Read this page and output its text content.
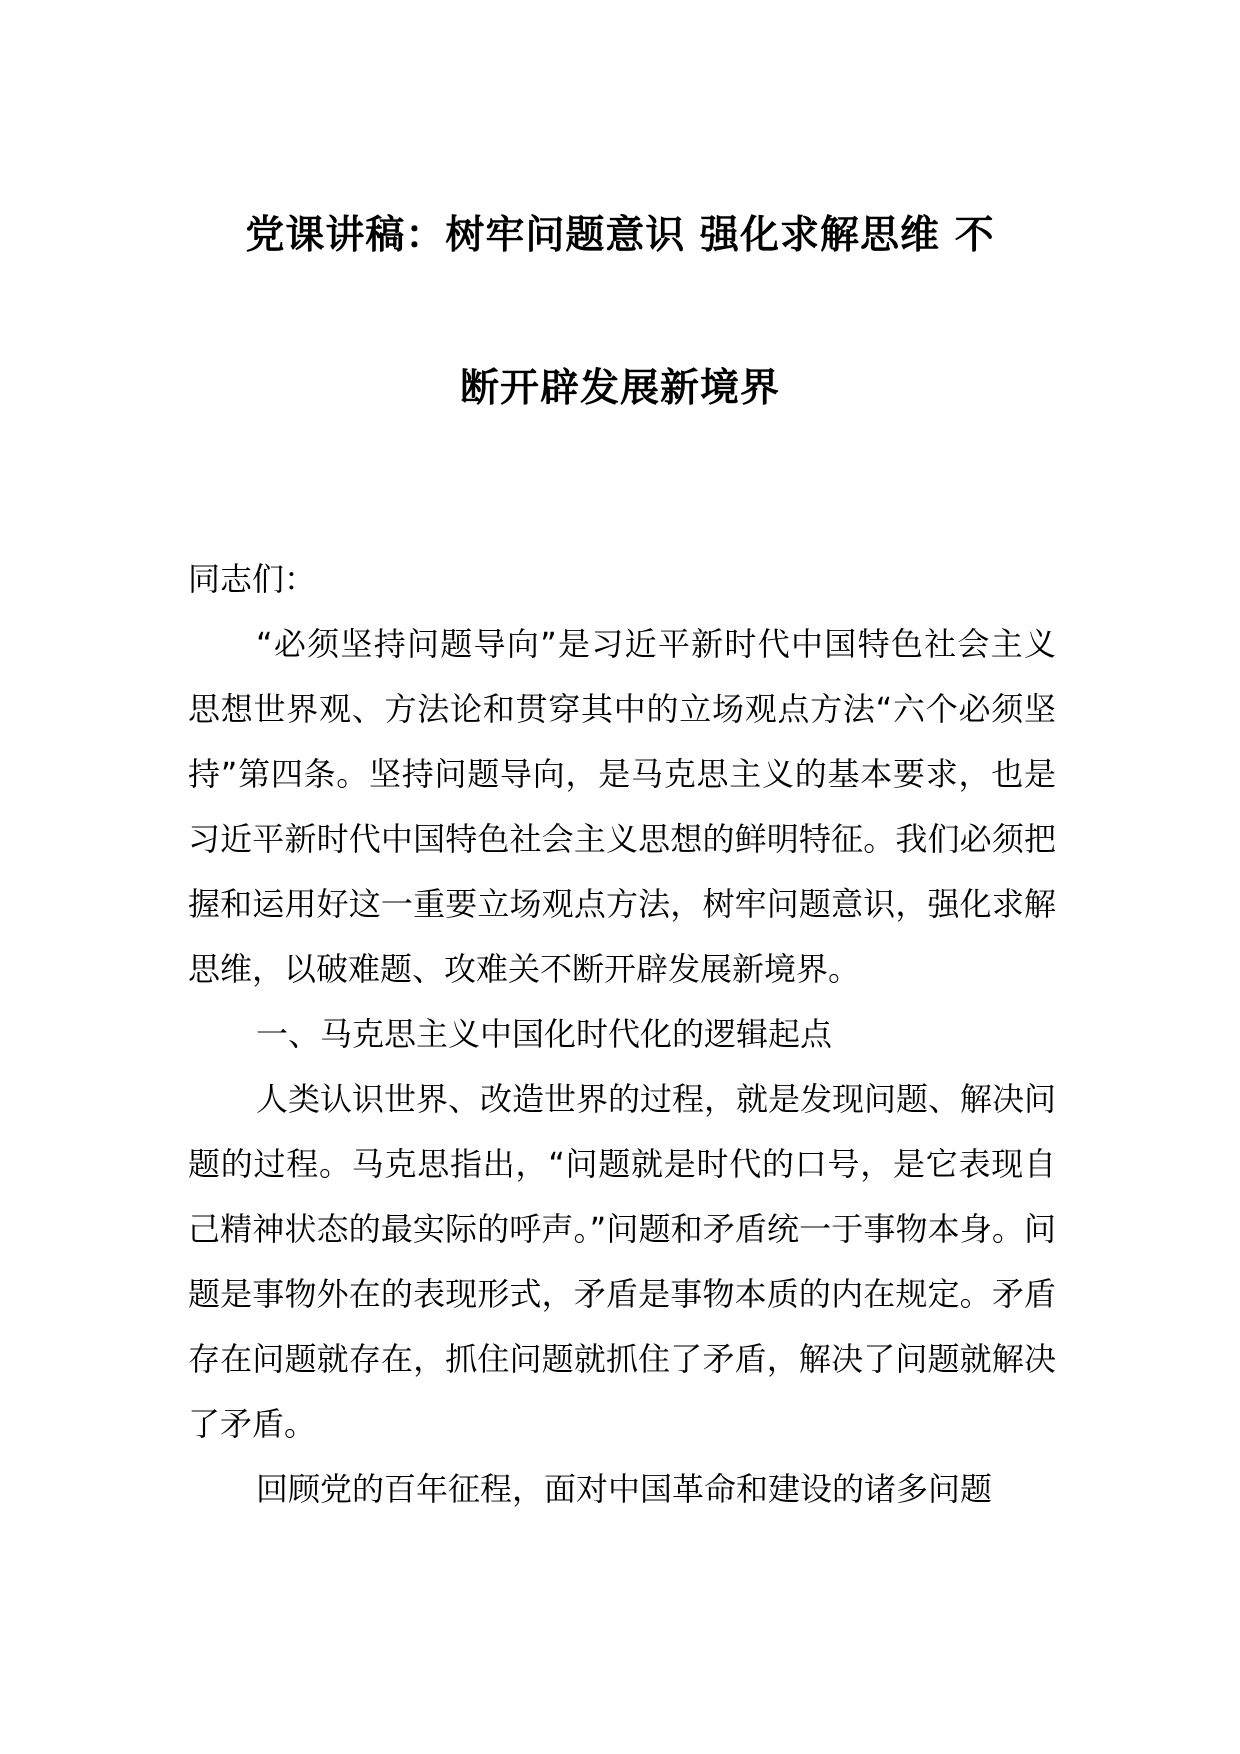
党课讲稿：树牢问题意识 强化求解思维 不
断开辟发展新境界

同志们：

“必须坚持问题导向”是习近平新时代中国特色社会主义思想世界观、方法论和贯穿其中的立场观点方法“六个必须坚持”第四条。坚持问题导向，是马克思主义的基本要求，也是习近平新时代中国特色社会主义思想的鲜明特征。我们必须把握和运用好这一重要立场观点方法，树牢问题意识，强化求解思维，以破难题、攻难关不断开辟发展新境界。

一、马克思主义中国化时代化的逻辑起点

人类认识世界、改造世界的过程，就是发现问题、解决问题的过程。马克思指出，“问题就是时代的口号，是它表现自己精神状态的最实际的呼声。”问题和矛盾统一于事物本身。问题是事物外在的表现形式，矛盾是事物本质的内在规定。矛盾存在问题就存在，抓住问题就抓住了矛盾，解决了问题就解决了矛盾。

回顾党的百年征程，面对中国革命和建设的诸多问题
